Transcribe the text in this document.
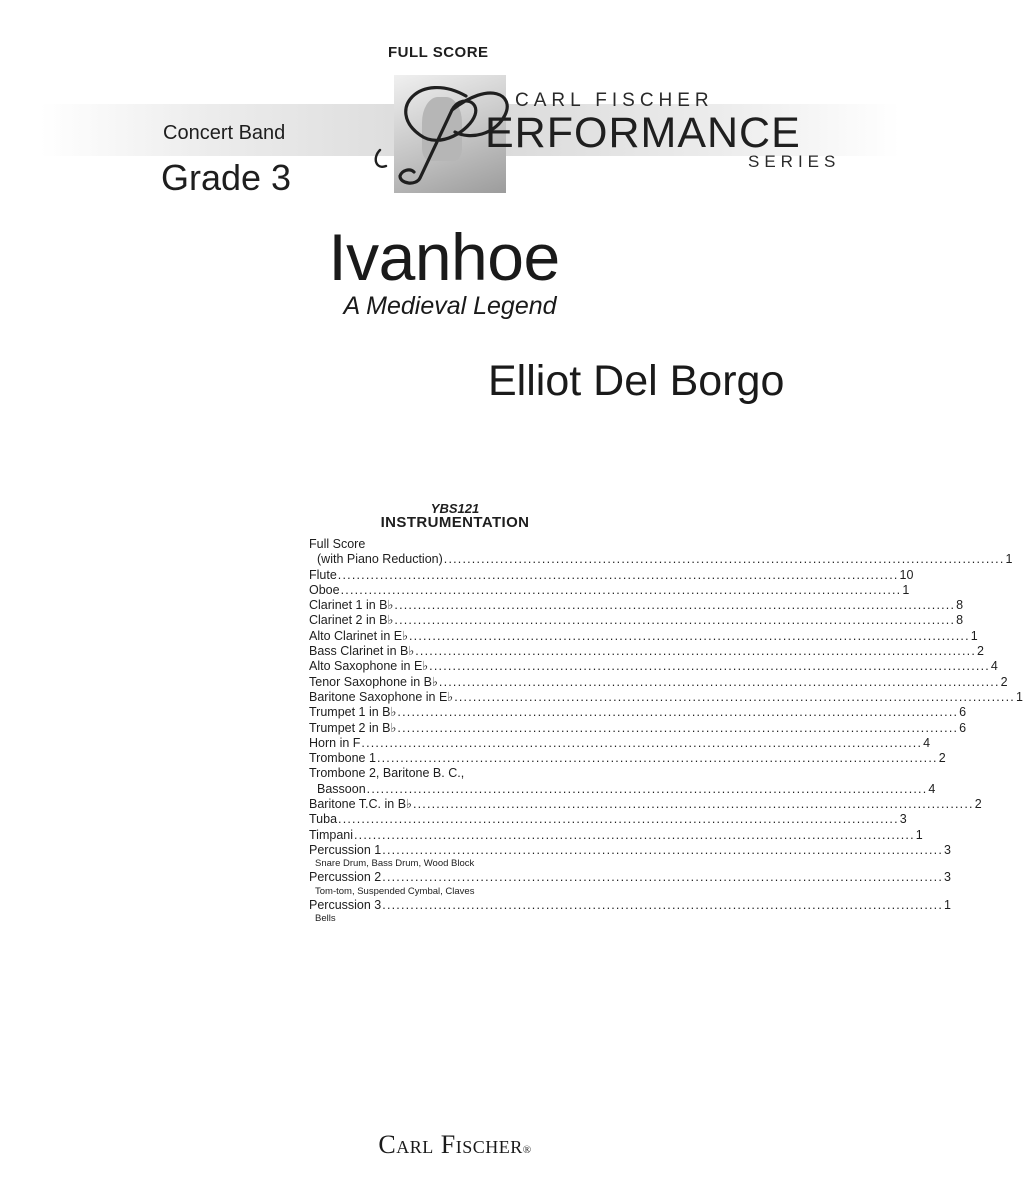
FULL SCORE
CARL FISCHER
ERFORMANCE
SERIES
Concert Band
Grade 3
Ivanhoe
A Medieval Legend
Elliot Del Borgo
YBS121
INSTRUMENTATION
Full Score
(with Piano Reduction) ........................................................................................................................ 1
Flute ........................................................................................................................ 10
Oboe ........................................................................................................................ 1
Clarinet 1 in B♭ ........................................................................................................................ 8
Clarinet 2 in B♭ ........................................................................................................................ 8
Alto Clarinet in E♭ ........................................................................................................................ 1
Bass Clarinet in B♭ ........................................................................................................................ 2
Alto Saxophone in E♭ ........................................................................................................................ 4
Tenor Saxophone in B♭ ........................................................................................................................ 2
Baritone Saxophone in E♭ ........................................................................................................................ 1
Trumpet 1 in B♭ ........................................................................................................................ 6
Trumpet 2 in B♭ ........................................................................................................................ 6
Horn in F ........................................................................................................................ 4
Trombone 1 ........................................................................................................................ 2
Trombone 2, Baritone B. C.,
Bassoon ........................................................................................................................ 4
Baritone T.C. in B♭ ........................................................................................................................ 2
Tuba ........................................................................................................................ 3
Timpani ........................................................................................................................ 1
Percussion 1 ........................................................................................................................ 3
Snare Drum, Bass Drum, Wood Block
Percussion 2 ........................................................................................................................ 3
Tom-tom, Suspended Cymbal, Claves
Percussion 3 ........................................................................................................................ 1
Bells
Carl Fischer®
